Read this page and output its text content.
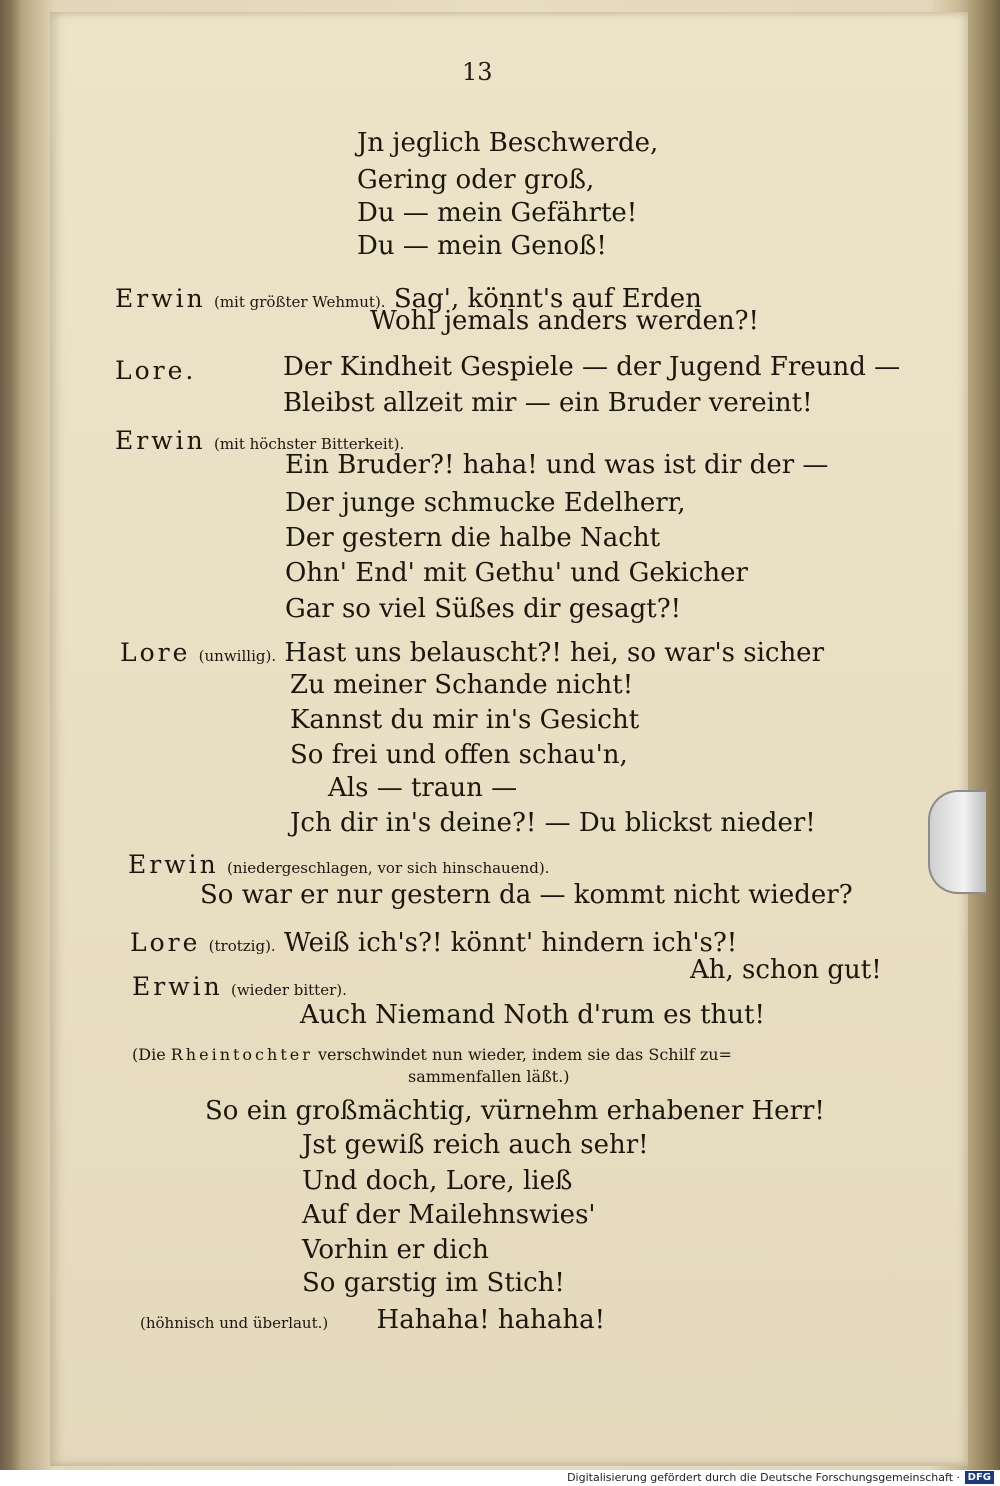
13
Jn jeglich Beschwerde,
Gering oder groß,
Du — mein Gefährte!
Du — mein Genoß!
Erwin (mit größter Wehmut). Sag', könnt's auf Erden
Wohl jemals anders werden?!
Lore.	Der Kindheit Gespiele — der Jugend Freund —
Bleibst allzeit mir — ein Bruder vereint!
Erwin (mit höchster Bitterkeit).
Ein Bruder?! haha! und was ist dir der —
Der junge schmucke Edelherr,
Der gestern die halbe Nacht
Ohn' End' mit Gethu' und Gekicher
Gar so viel Süßes dir gesagt?!
Lore (unwillig). Hast uns belauscht?! hei, so war's sicher
Zu meiner Schande nicht!
Kannst du mir in's Gesicht
So frei und offen schau'n,
Als — traun —
Jch dir in's deine?! — Du blickst nieder!
Erwin (niedergeschlagen, vor sich hinschauend).
So war er nur gestern da — kommt nicht wieder?
Lore (trotzig). Weiß ich's?! könnt' hindern ich's?!
Ah, schon gut!
Erwin (wieder bitter).
Auch Niemand Noth d'rum es thut!
(Die Rheintochter verschwindet nun wieder, indem sie das Schilf zu=
sammenfallen läßt.)
So ein großmächtig, vürnehm erhabener Herr!
Jst gewiß reich auch sehr!
Und doch, Lore, ließ
Auf der Mailehnswies'
Vorhin er dich
So garstig im Stich!
(höhnisch und überlaut.) Hahaha! hahaha!
Digitalisierung gefördert durch die Deutsche Forschungsgemeinschaft · DFG
